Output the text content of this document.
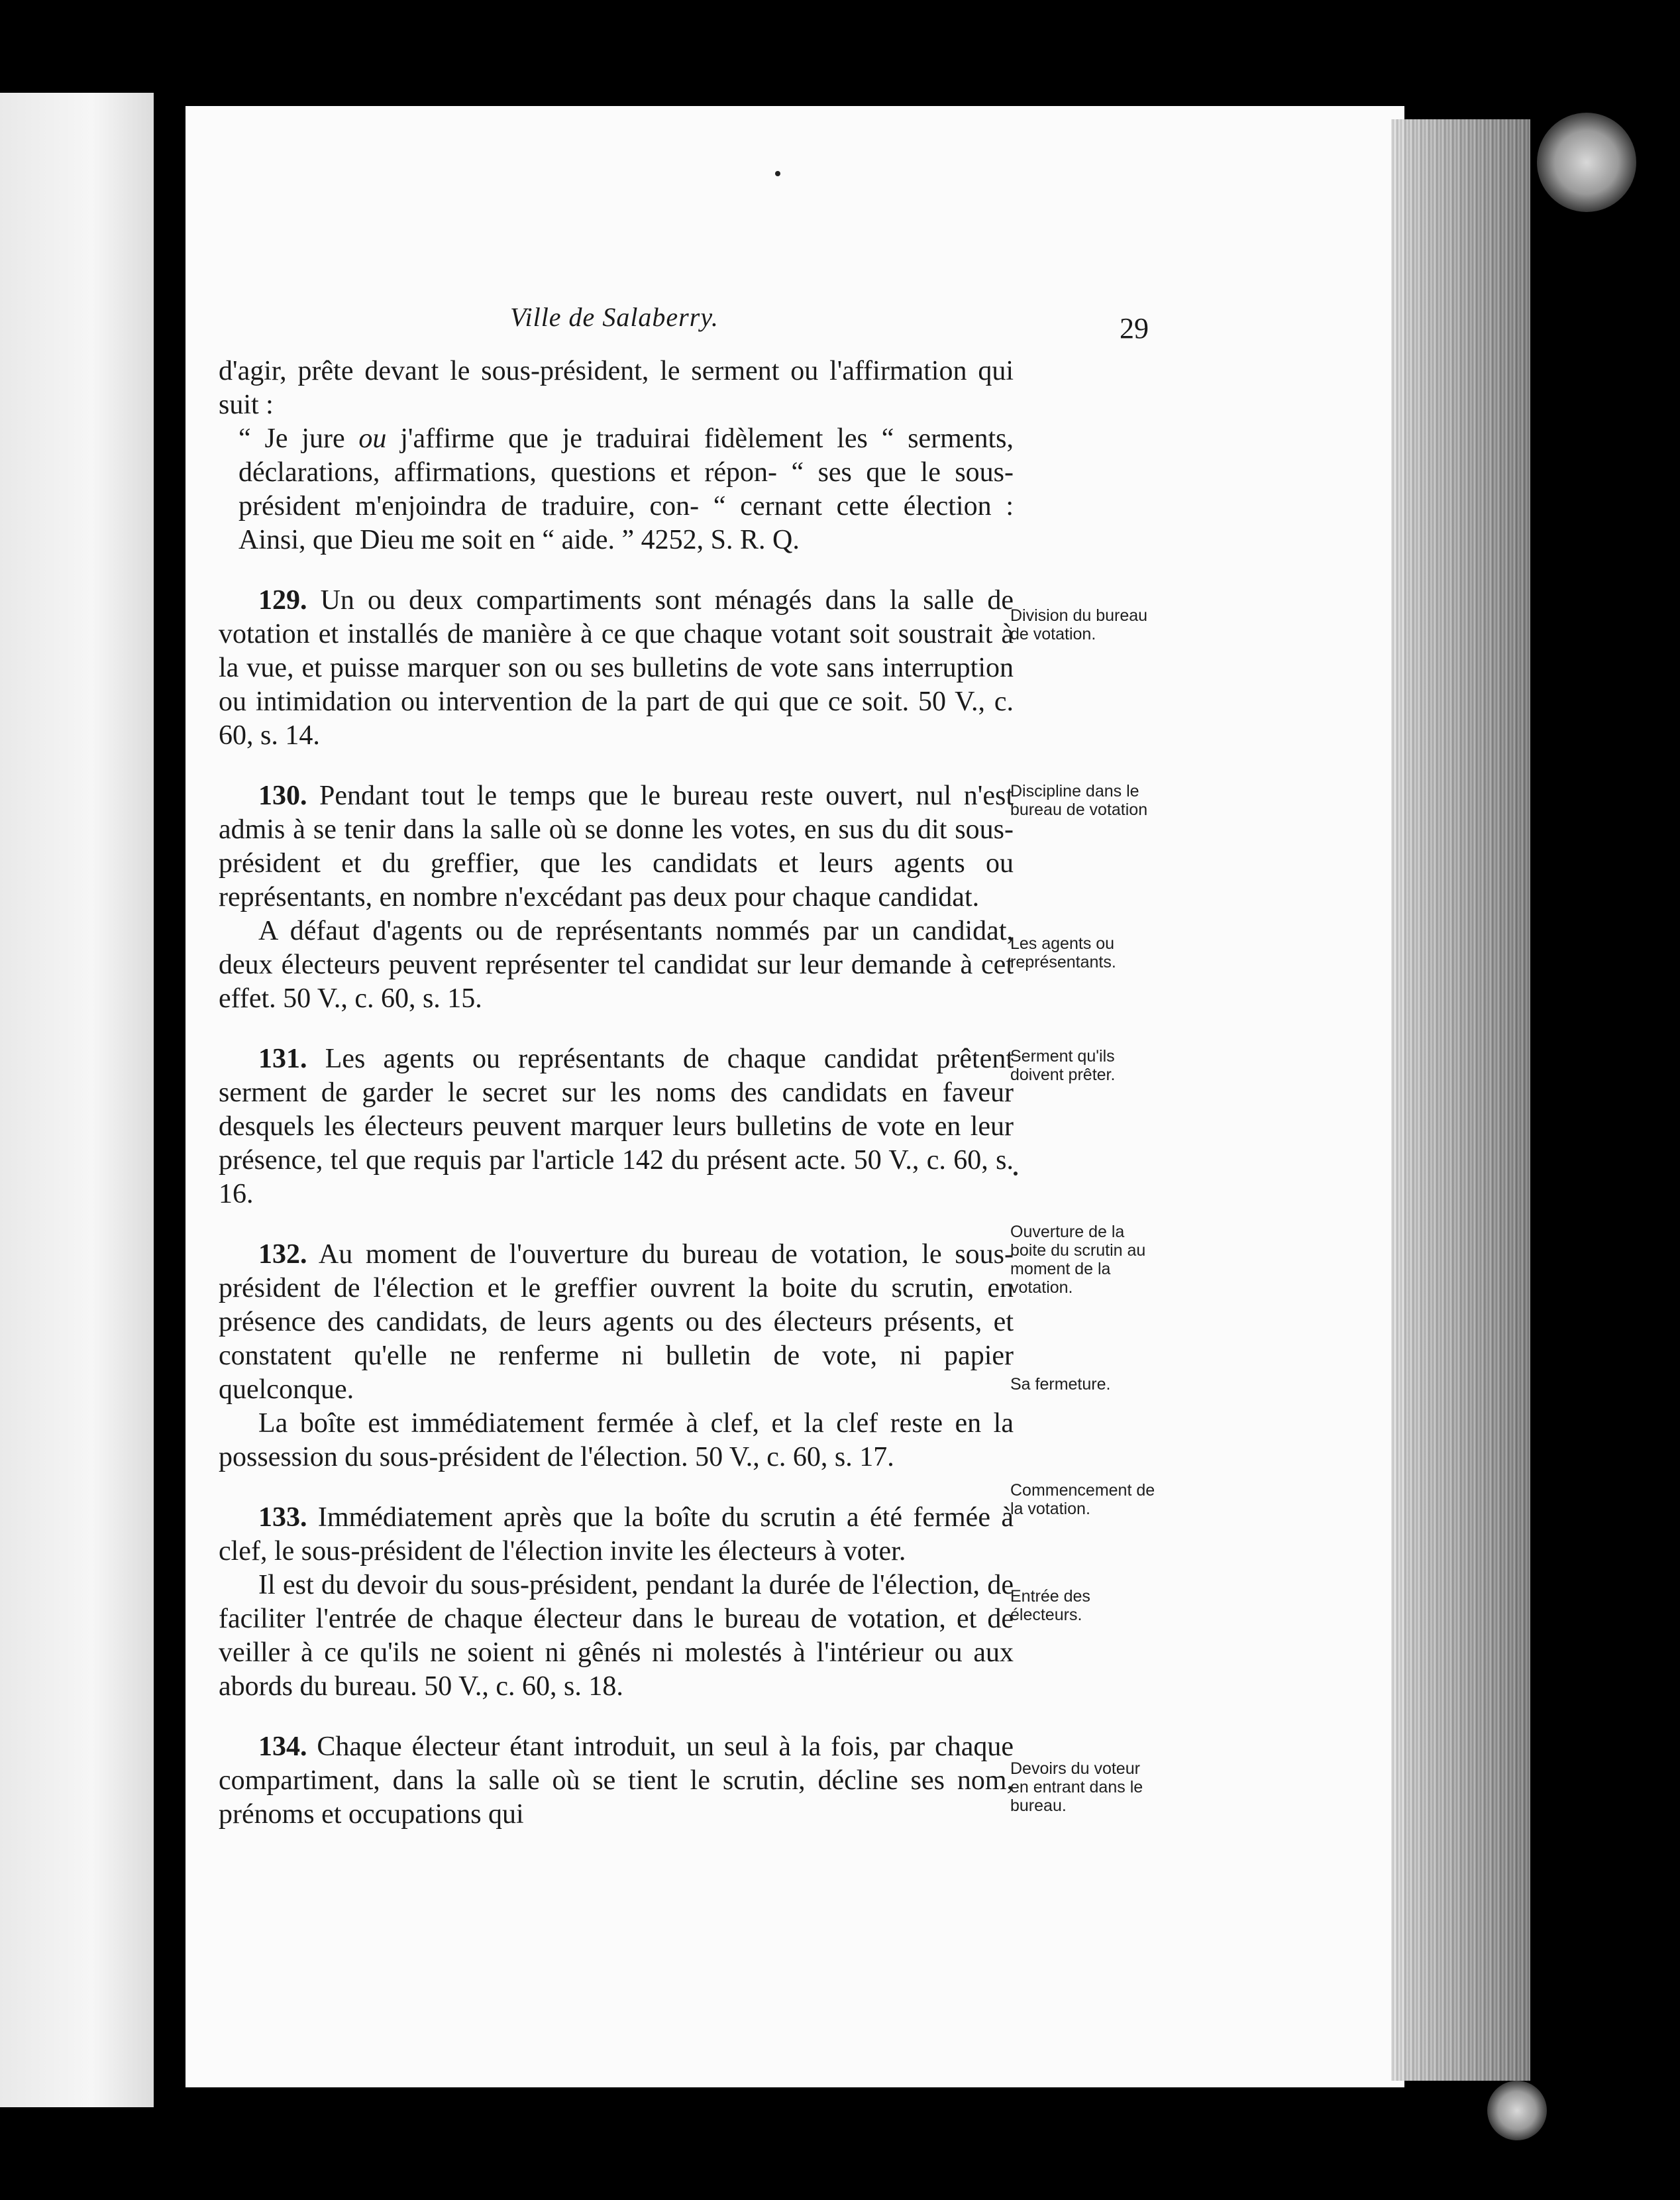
Ville de Salaberry.	29

d'agir, prête devant le sous-président, le serment ou l'affirmation qui suit :

“ Je jure ou j'affirme que je traduirai fidèlement les “ serments, déclarations, affirmations, questions et répon- “ ses que le sous-président m'enjoindra de traduire, con- “ cernant cette élection : Ainsi, que Dieu me soit en “ aide. ” 4252, S. R. Q.

129. Un ou deux compartiments sont ménagés dans la salle de votation et installés de manière à ce que chaque votant soit soustrait à la vue, et puisse marquer son ou ses bulletins de vote sans interruption ou intimidation ou intervention de la part de qui que ce soit. 50 V., c. 60, s. 14.

130. Pendant tout le temps que le bureau reste ouvert, nul n'est admis à se tenir dans la salle où se donne les votes, en sus du dit sous-président et du greffier, que les candidats et leurs agents ou représentants, en nombre n'excédant pas deux pour chaque candidat.

A défaut d'agents ou de représentants nommés par un candidat, deux électeurs peuvent représenter tel candidat sur leur demande à cet effet. 50 V., c. 60, s. 15.

131. Les agents ou représentants de chaque candidat prêtent serment de garder le secret sur les noms des candidats en faveur desquels les électeurs peuvent marquer leurs bulletins de vote en leur présence, tel que requis par l'article 142 du présent acte. 50 V., c. 60, s. 16.

132. Au moment de l'ouverture du bureau de votation, le sous-président de l'élection et le greffier ouvrent la boite du scrutin, en présence des candidats, de leurs agents ou des électeurs présents, et constatent qu'elle ne renferme ni bulletin de vote, ni papier quelconque.

La boîte est immédiatement fermée à clef, et la clef reste en la possession du sous-président de l'élection. 50 V., c. 60, s. 17.

133. Immédiatement après que la boîte du scrutin a été fermée à clef, le sous-président de l'élection invite les électeurs à voter.

Il est du devoir du sous-président, pendant la durée de l'élection, de faciliter l'entrée de chaque électeur dans le bureau de votation, et de veiller à ce qu'ils ne soient ni gênés ni molestés à l'intérieur ou aux abords du bureau. 50 V., c. 60, s. 18.

134. Chaque électeur étant introduit, un seul à la fois, par chaque compartiment, dans la salle où se tient le scrutin, décline ses nom, prénoms et occupations qui

Division du bureau de votation.
Discipline dans le bureau de votation
Les agents ou représentants.
Serment qu'ils doivent prêter.
Ouverture de la boite du scrutin au moment de la votation.
Sa fermeture.
Commencement de la votation.
Entrée des électeurs.
Devoirs du voteur en entrant dans le bureau.
